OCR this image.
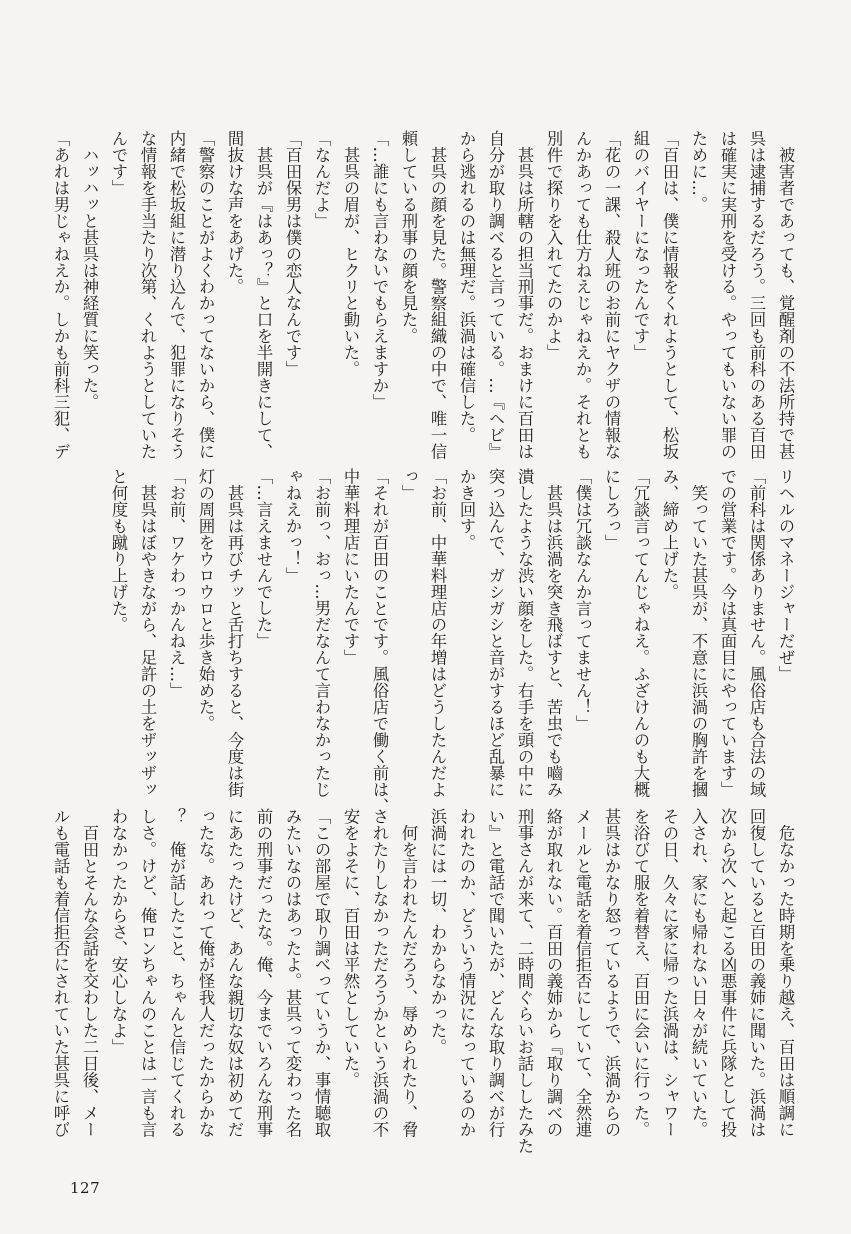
　被害者であっても、覚醒剤の不法所持で甚
呉は逮捕するだろう。三回も前科のある百田
は確実に実刑を受ける。やってもいない罪の
ために…。
「百田は、僕に情報をくれようとして、松坂
組のバイヤーになったんです」
「花の一課、殺人班のお前にヤクザの情報な
んかあっても仕方ねえじゃねえか。それとも
別件で探りを入れてたのかよ」
　甚呉は所轄の担当刑事だ。おまけに百田は
自分が取り調べると言っている。…『ヘビ』
から逃れるのは無理だ。浜渦は確信した。
　甚呉の顔を見た。警察組織の中で、唯一信
頼している刑事の顔を見た。
「…誰にも言わないでもらえますか」
　甚呉の眉が、ヒクリと動いた。
「なんだよ」
「百田保男は僕の恋人なんです」
　甚呉が『はあっ？』と口を半開きにして、
間抜けな声をあげた。
「警察のことがよくわかってないから、僕に
内緒で松坂組に潜り込んで、犯罪になりそう
な情報を手当たり次第、くれようとしていた
んです」
　ハッハッと甚呉は神経質に笑った。
「あれは男じゃねえか。しかも前科三犯、デ
リヘルのマネージャーだぜ」
「前科は関係ありません。風俗店も合法の域
での営業です。今は真面目にやっています」
　笑っていた甚呉が、不意に浜渦の胸許を摑
み、締め上げた。
「冗談言ってんじゃねえ。ふざけんのも大概
にしろっ」
「僕は冗談なんか言ってません！」
　甚呉は浜渦を突き飛ばすと、苦虫でも嚙み
潰したような渋い顔をした。右手を頭の中に
突っ込んで、ガシガシと音がするほど乱暴に
かき回す。
「お前、中華料理店の年増はどうしたんだよ
っ」
「それが百田のことです。風俗店で働く前は、
中華料理店にいたんです」
「お前っ、おっ…男だなんて言わなかったじ
ゃねえかっ！」
「…言えませんでした」
　甚呉は再びチッと舌打ちすると、今度は街
灯の周囲をウロウロと歩き始めた。
「お前、ワケわっかんねえ…」
　甚呉はぼやきながら、足許の土をザッザッ
と何度も蹴り上げた。
　危なかった時期を乗り越え、百田は順調に
回復していると百田の義姉に聞いた。浜渦は
次から次へと起こる凶悪事件に兵隊として投
入され、家にも帰れない日々が続いていた。
その日、久々に家に帰った浜渦は、シャワー
を浴びて服を着替え、百田に会いに行った。
甚呉はかなり怒っているようで、浜渦からの
メールと電話を着信拒否にしていて、全然連
絡が取れない。百田の義姉から『取り調べの
刑事さんが来て、二時間ぐらいお話ししたみた
い』と電話で聞いたが、どんな取り調べが行
われたのか、どういう情況になっているのか
浜渦には一切、わからなかった。
　何を言われたんだろう、辱められたり、脅
されたりしなかっただろうかという浜渦の不
安をよそに、百田は平然としていた。
「この部屋で取り調べっていうか、事情聴取
みたいなのはあったよ。甚呉って変わった名
前の刑事だったな。俺、今までいろんな刑事
にあたったけど、あんな親切な奴は初めてだ
ったな。あれって俺が怪我人だったからかな
？　俺が話したこと、ちゃんと信じてくれる
しさ。けど、俺ロンちゃんのことは一言も言
わなかったからさ、安心しなよ」
　百田とそんな会話を交わした二日後、メー
ルも電話も着信拒否にされていた甚呉に呼び
127
